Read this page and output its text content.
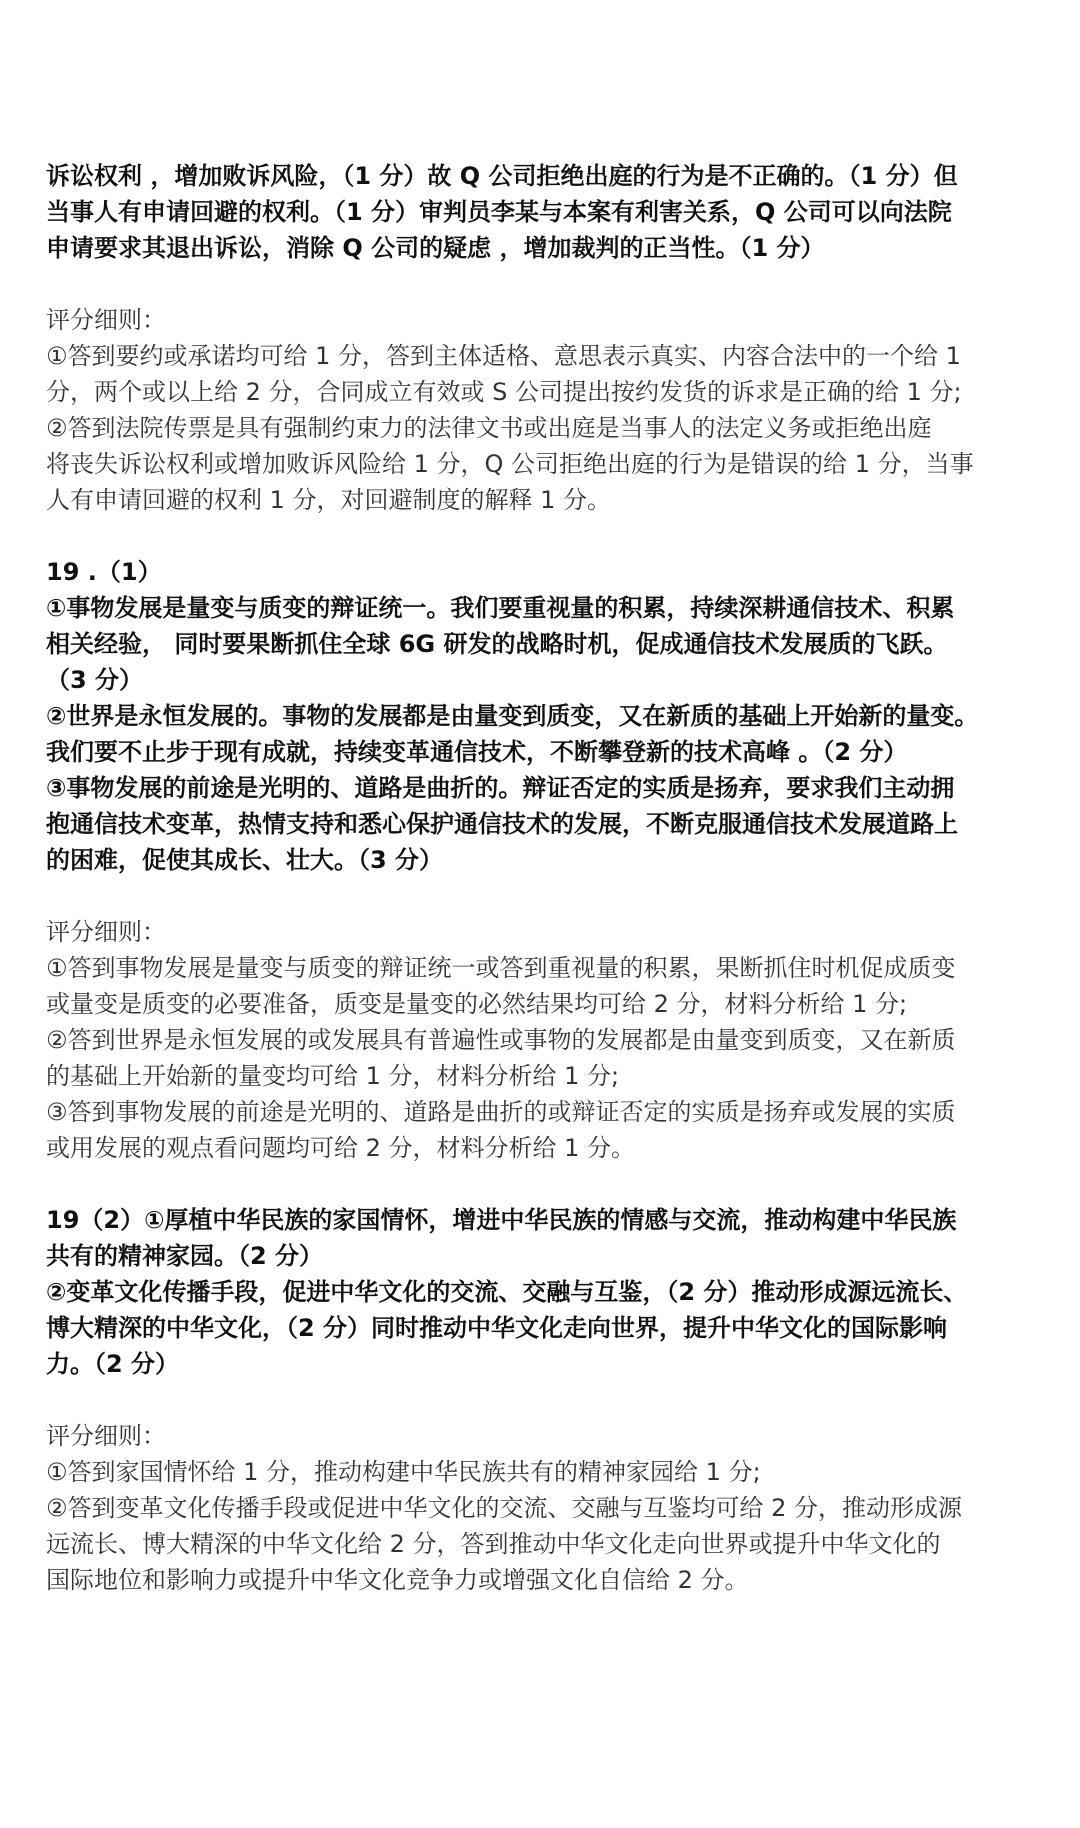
诉讼权利 ，增加败诉风险，（1 分）故 Q 公司拒绝出庭的行为是不正确的。（1 分）但
当事人有申请回避的权利。（1 分）审判员李某与本案有利害关系，Q 公司可以向法院
申请要求其退出诉讼，消除 Q 公司的疑虑 ，增加裁判的正当性。（1 分）
评分细则：
①答到要约或承诺均可给 1 分，答到主体适格、意思表示真实、内容合法中的一个给 1
分，两个或以上给 2 分，合同成立有效或 S 公司提出按约发货的诉求是正确的给 1 分;
②答到法院传票是具有强制约束力的法律文书或出庭是当事人的法定义务或拒绝出庭
将丧失诉讼权利或增加败诉风险给 1 分，Q 公司拒绝出庭的行为是错误的给 1 分，当事
人有申请回避的权利 1 分，对回避制度的解释 1 分。
19 .（1）
①事物发展是量变与质变的辩证统一。我们要重视量的积累，持续深耕通信技术、积累
相关经验， 同时要果断抓住全球 6G 研发的战略时机，促成通信技术发展质的飞跃。
（3 分）
②世界是永恒发展的。事物的发展都是由量变到质变，又在新质的基础上开始新的量变。
我们要不止步于现有成就，持续变革通信技术，不断攀登新的技术高峰 。（2 分）
③事物发展的前途是光明的、道路是曲折的。辩证否定的实质是扬弃，要求我们主动拥
抱通信技术变革，热情支持和悉心保护通信技术的发展，不断克服通信技术发展道路上
的困难，促使其成长、壮大。（3 分）
评分细则：
①答到事物发展是量变与质变的辩证统一或答到重视量的积累，果断抓住时机促成质变
或量变是质变的必要准备，质变是量变的必然结果均可给 2 分，材料分析给 1 分;
②答到世界是永恒发展的或发展具有普遍性或事物的发展都是由量变到质变，又在新质
的基础上开始新的量变均可给 1 分，材料分析给 1 分;
③答到事物发展的前途是光明的、道路是曲折的或辩证否定的实质是扬弃或发展的实质
或用发展的观点看问题均可给 2 分，材料分析给 1 分。
19（2）①厚植中华民族的家国情怀，增进中华民族的情感与交流，推动构建中华民族
共有的精神家园。（2 分）
②变革文化传播手段，促进中华文化的交流、交融与互鉴，（2 分）推动形成源远流长、
博大精深的中华文化，（2 分）同时推动中华文化走向世界，提升中华文化的国际影响
力。（2 分）
评分细则：
①答到家国情怀给 1 分，推动构建中华民族共有的精神家园给 1 分;
②答到变革文化传播手段或促进中华文化的交流、交融与互鉴均可给 2 分，推动形成源
远流长、博大精深的中华文化给 2 分，答到推动中华文化走向世界或提升中华文化的
国际地位和影响力或提升中华文化竞争力或增强文化自信给 2 分。
